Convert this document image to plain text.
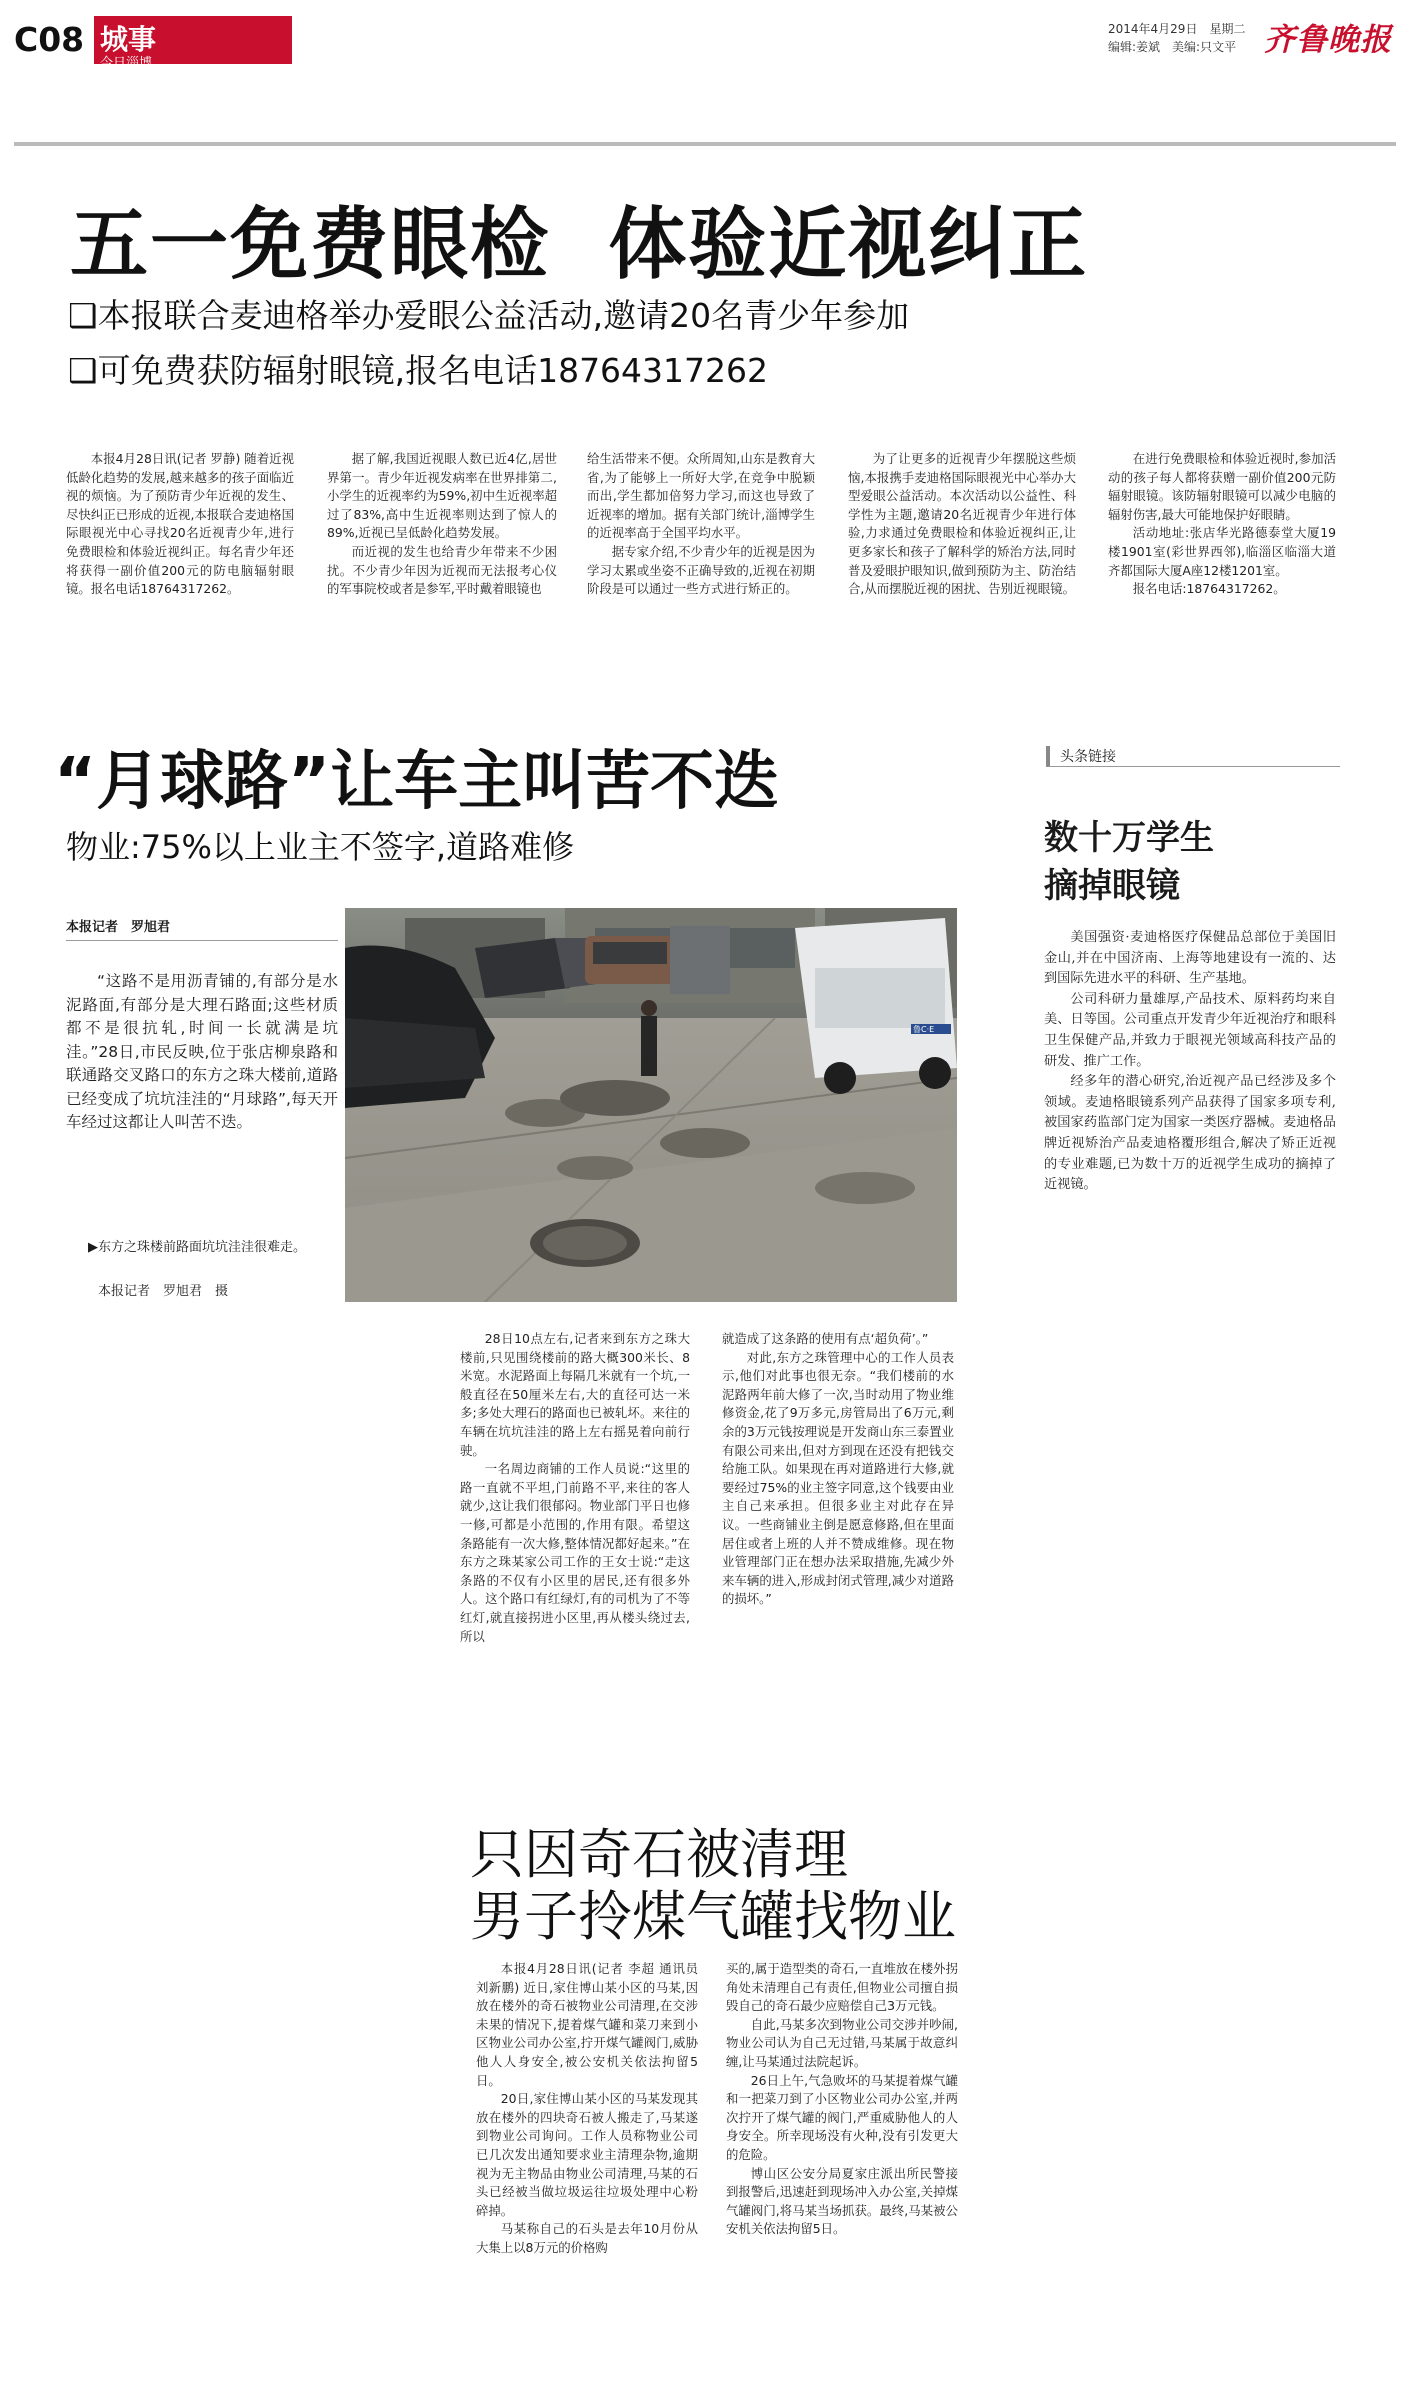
C08 城事
今日淄博
2014年4月29日　星期二
编辑:姜斌　美编:只文平 齐鲁晚报
五一免费眼检  体验近视纠正
❑本报联合麦迪格举办爱眼公益活动,邀请20名青少年参加
❑可免费获防辐射眼镜,报名电话18764317262

本报4月28日讯(记者 罗静) 随着近视低龄化趋势的发展,越来越多的孩子面临近视的烦恼。为了预防青少年近视的发生、尽快纠正已形成的近视,本报联合麦迪格国际眼视光中心寻找20名近视青少年,进行免费眼检和体验近视纠正。每名青少年还将获得一副价值200元的防电脑辐射眼镜。报名电话18764317262。

据了解,我国近视眼人数已近4亿,居世界第一。青少年近视发病率在世界排第二,小学生的近视率约为59%,初中生近视率超过了83%,高中生近视率则达到了惊人的89%,近视已呈低龄化趋势发展。

而近视的发生也给青少年带来不少困扰。不少青少年因为近视而无法报考心仪的军事院校或者是参军,平时戴着眼镜也

给生活带来不便。众所周知,山东是教育大省,为了能够上一所好大学,在竞争中脱颖而出,学生都加倍努力学习,而这也导致了近视率的增加。据有关部门统计,淄博学生的近视率高于全国平均水平。

据专家介绍,不少青少年的近视是因为学习太累或坐姿不正确导致的,近视在初期阶段是可以通过一些方式进行矫正的。

为了让更多的近视青少年摆脱这些烦恼,本报携手麦迪格国际眼视光中心举办大型爱眼公益活动。本次活动以公益性、科学性为主题,邀请20名近视青少年进行体验,力求通过免费眼检和体验近视纠正,让更多家长和孩子了解科学的矫治方法,同时普及爱眼护眼知识,做到预防为主、防治结合,从而摆脱近视的困扰、告别近视眼镜。

在进行免费眼检和体验近视时,参加活动的孩子每人都将获赠一副价值200元防辐射眼镜。该防辐射眼镜可以减少电脑的辐射伤害,最大可能地保护好眼睛。

活动地址:张店华光路德泰堂大厦19楼1901室(彩世界西邻),临淄区临淄大道齐都国际大厦A座12楼1201室。

报名电话:18764317262。

“月球路”让车主叫苦不迭
物业:75%以上业主不签字,道路难修
本报记者　罗旭君

“这路不是用沥青铺的,有部分是水泥路面,有部分是大理石路面;这些材质都不是很抗轧,时间一长就满是坑洼。”28日,市民反映,位于张店柳泉路和联通路交叉路口的东方之珠大楼前,道路已经变成了坑坑洼洼的“月球路”,每天开车经过这都让人叫苦不迭。

▶东方之珠楼前路面坑坑洼洼很难走。
本报记者　罗旭君　摄
鲁C·E

28日10点左右,记者来到东方之珠大楼前,只见围绕楼前的路大概300米长、8米宽。水泥路面上每隔几米就有一个坑,一般直径在50厘米左右,大的直径可达一米多;多处大理石的路面也已被轧坏。来往的车辆在坑坑洼洼的路上左右摇晃着向前行驶。

一名周边商铺的工作人员说:“这里的路一直就不平坦,门前路不平,来往的客人就少,这让我们很郁闷。物业部门平日也修一修,可都是小范围的,作用有限。希望这条路能有一次大修,整体情况都好起来。”在东方之珠某家公司工作的王女士说:“走这条路的不仅有小区里的居民,还有很多外人。这个路口有红绿灯,有的司机为了不等红灯,就直接拐进小区里,再从楼头绕过去,所以

就造成了这条路的使用有点‘超负荷’。”

对此,东方之珠管理中心的工作人员表示,他们对此事也很无奈。“我们楼前的水泥路两年前大修了一次,当时动用了物业维修资金,花了9万多元,房管局出了6万元,剩余的3万元钱按理说是开发商山东三泰置业有限公司来出,但对方到现在还没有把钱交给施工队。如果现在再对道路进行大修,就要经过75%的业主签字同意,这个钱要由业主自己来承担。但很多业主对此存在异议。一些商铺业主倒是愿意修路,但在里面居住或者上班的人并不赞成维修。现在物业管理部门正在想办法采取措施,先减少外来车辆的进入,形成封闭式管理,减少对道路的损坏。”

头条链接
数十万学生
摘掉眼镜

美国强资·麦迪格医疗保健品总部位于美国旧金山,并在中国济南、上海等地建设有一流的、达到国际先进水平的科研、生产基地。

公司科研力量雄厚,产品技术、原料药均来自美、日等国。公司重点开发青少年近视治疗和眼科卫生保健产品,并致力于眼视光领域高科技产品的研发、推广工作。

经多年的潜心研究,治近视产品已经涉及多个领域。麦迪格眼镜系列产品获得了国家多项专利,被国家药监部门定为国家一类医疗器械。麦迪格品牌近视矫治产品麦迪格覆形组合,解决了矫正近视的专业难题,已为数十万的近视学生成功的摘掉了近视镜。

只因奇石被清理
男子拎煤气罐找物业

本报4月28日讯(记者 李超 通讯员 刘新鹏) 近日,家住博山某小区的马某,因放在楼外的奇石被物业公司清理,在交涉未果的情况下,提着煤气罐和菜刀来到小区物业公司办公室,拧开煤气罐阀门,威胁他人人身安全,被公安机关依法拘留5日。

20日,家住博山某小区的马某发现其放在楼外的四块奇石被人搬走了,马某遂到物业公司询问。工作人员称物业公司已几次发出通知要求业主清理杂物,逾期视为无主物品由物业公司清理,马某的石头已经被当做垃圾运往垃圾处理中心粉碎掉。

马某称自己的石头是去年10月份从大集上以8万元的价格购

买的,属于造型类的奇石,一直堆放在楼外拐角处未清理自己有责任,但物业公司擅自损毁自己的奇石最少应赔偿自己3万元钱。

自此,马某多次到物业公司交涉并吵闹,物业公司认为自己无过错,马某属于故意纠缠,让马某通过法院起诉。

26日上午,气急败坏的马某提着煤气罐和一把菜刀到了小区物业公司办公室,并两次拧开了煤气罐的阀门,严重威胁他人的人身安全。所幸现场没有火种,没有引发更大的危险。

博山区公安分局夏家庄派出所民警接到报警后,迅速赶到现场冲入办公室,关掉煤气罐阀门,将马某当场抓获。最终,马某被公安机关依法拘留5日。
